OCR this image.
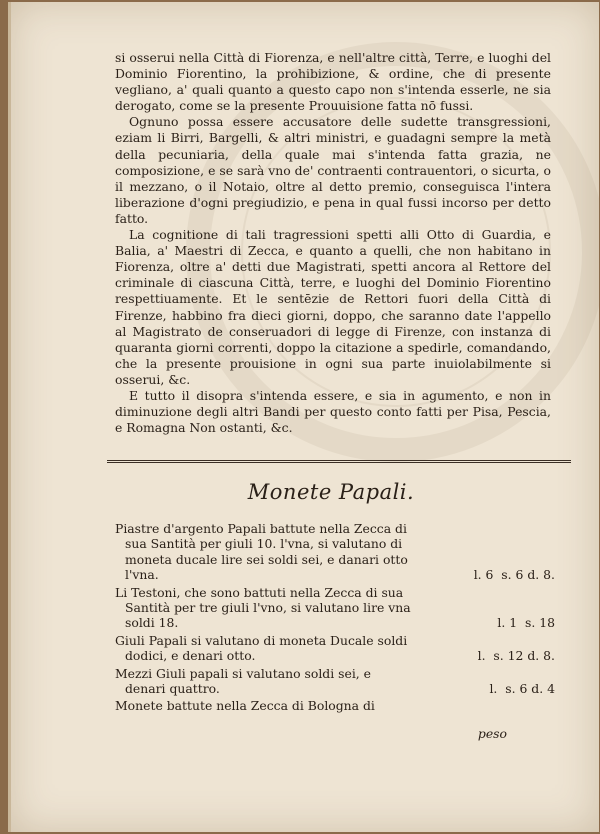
si osserui nella Città di Fiorenza, e nell'altre città, Terre, e luoghi del Dominio Fiorentino, la prohibizione, & ordine, che di presente vegliano, a' quali quanto a questo capo non s'intenda esserle, ne sia derogato, come se la presente Prouuisione fatta nō fussi.

Ognuno possa essere accusatore delle sudette transgressioni, eziam li Birri, Bargelli, & altri ministri, e guadagni sempre la metà della pecuniaria, della quale mai s'intenda fatta grazia, ne composizione, e se sarà vno de' contraenti contrauentori, o sicurta, o il mezzano, o il Notaio, oltre al detto premio, conseguisca l'intera liberazione d'ogni pregiudizio, e pena in qual fussi incorso per detto fatto.

La cognitione di tali tragressioni spetti alli Otto di Guardia, e Balia, a' Maestri di Zecca, e quanto a quelli, che non habitano in Fiorenza, oltre a' detti due Magistrati, spetti ancora al Rettore del criminale di ciascuna Città, terre, e luoghi del Dominio Fiorentino respettiuamente. Et le sentēzie de Rettori fuori della Città di Firenze, habbino fra dieci giorni, doppo, che saranno date l'appello al Magistrato de conseruadori di legge di Firenze, con instanza di quaranta giorni correnti, doppo la citazione a spedirle, comandando, che la presente prouisione in ogni sua parte inuiolabilmente si osserui, &c.

E tutto il disopra s'intenda essere, e sia in agumento, e non in diminuzione degli altri Bandi per questo conto fatti per Pisa, Pescia, e Romagna Non ostanti, &c.

Monete Papali.
Piastre d'argento Papali battute nella Zecca di sua Santità per giuli 10. l'vna, si valutano di moneta ducale lire sei soldi sei, e danari otto l'vna.	l. 6  s. 6 d. 8.
Li Testoni, che sono battuti nella Zecca di sua Santità per tre giuli l'vno, si valutano lire vna soldi 18.	l. 1  s. 18
Giuli Papali si valutano di moneta Ducale soldi dodici, e denari otto.	l.  s. 12 d. 8.
Mezzi Giuli papali si valutano soldi sei, e denari quattro.	l.  s. 6 d. 4
Monete battute nella Zecca di Bologna di
peso
